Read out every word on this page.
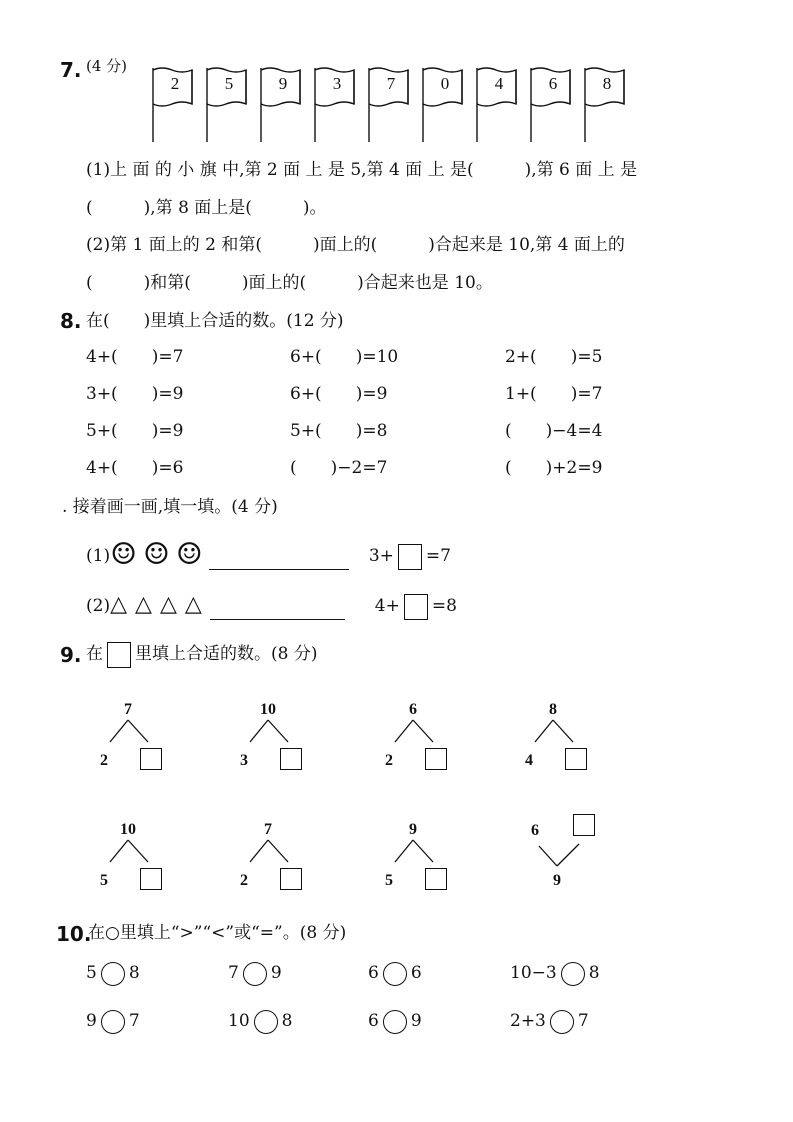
7. (4 分)
2	5	9	3	7	0	4	6	8
(1)上 面 的 小 旗 中,第 2 面 上 是 5,第 4 面 上 是(　　　),第 6 面 上 是
(　　　),第 8 面上是(　　　)。
(2)第 1 面上的 2 和第(　　　)面上的(　　　)合起来是 10,第 4 面上的
(　　　)和第(　　　)面上的(　　　)合起来也是 10。
8. 在(　　)里填上合适的数。(12 分)
4+(　　)=7	6+(　　)=10	2+(　　)=5
3+(　　)=9	6+(　　)=9	1+(　　)=7
5+(　　)=9	5+(　　)=8	(　　)−4=4
4+(　　)=6	(　　)−2=7	(　　)+2=9
. 接着画一画,填一填。(4 分)
(1)☺ ☺ ☺	3+ =7
(2)△ △ △ △	4+ =8
9. 在 里填上合适的数。(8 分)
7
2
10
3
6
2
8
4
10
5
7
2
9
5
6
9
10.
在○里填上“>”“<”或“=”。(8 分)
5 8	7 9	6 6	10−3 8
9 7	10 8	6 9	2+3 7
